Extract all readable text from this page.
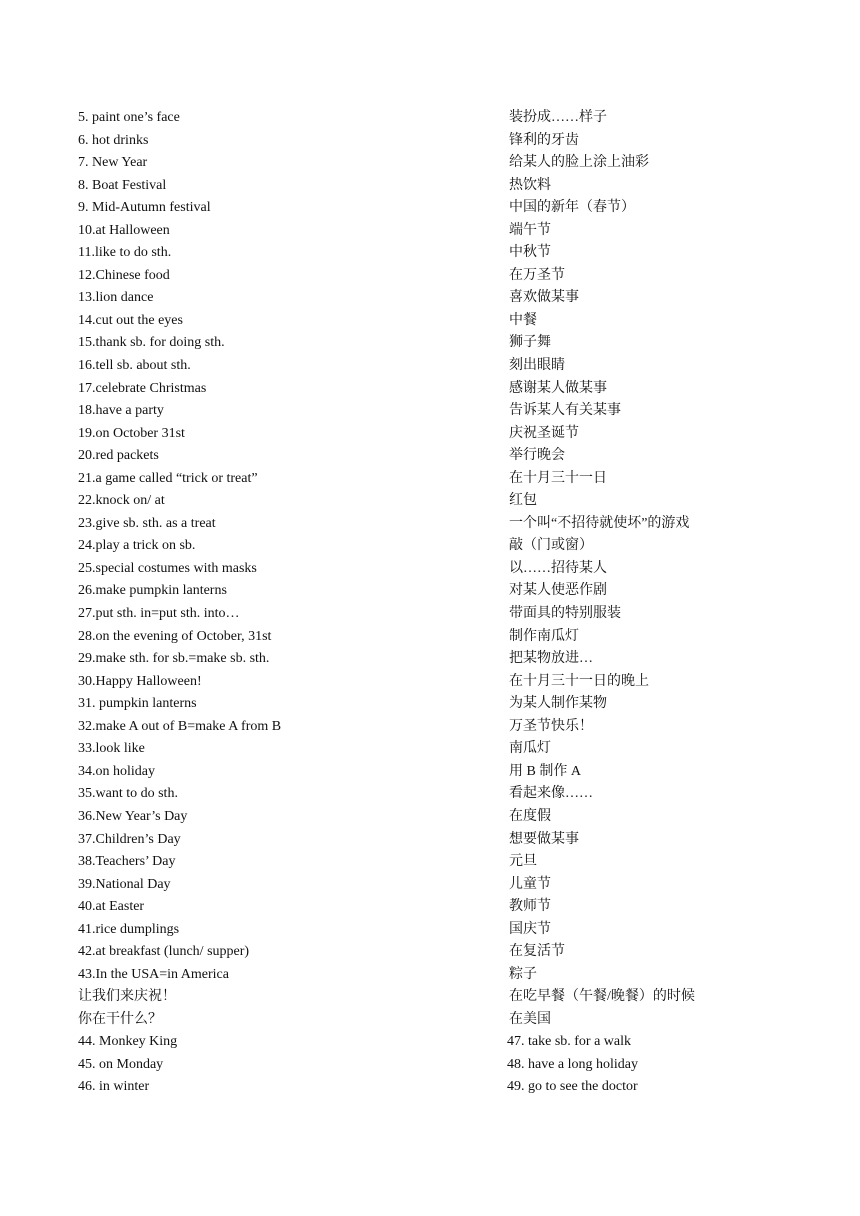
5. paint one’s face
6. hot drinks
7. New Year
8. Boat Festival
9. Mid-Autumn festival
10.at Halloween
11.like to do sth.
12.Chinese food
13.lion dance
14.cut out the eyes
15.thank sb. for doing sth.
16.tell sb. about sth.
17.celebrate Christmas
18.have a party
19.on October 31st
20.red packets
21.a game called “trick or treat”
22.knock on/ at
23.give sb. sth. as a treat
24.play a trick on sb.
25.special costumes with masks
26.make pumpkin lanterns
27.put sth. in=put sth. into…
28.on the evening of October, 31st
29.make sth. for sb.=make sb. sth.
30.Happy Halloween!
31. pumpkin lanterns
32.make A out of B=make A from B
33.look like
34.on holiday
35.want to do sth.
36.New Year’s Day
37.Children’s Day
38.Teachers’ Day
39.National Day
40.at Easter
41.rice dumplings
42.at breakfast (lunch/ supper)
43.In the USA=in America
让我们来庆祝！
你在干什么？
装扮成……样子
锋利的牙齿
给某人的脸上涂上油彩
热饮料
中国的新年（春节）
端午节
中秋节
在万圣节
喜欢做某事
中餐
狮子舞
刻出眼睛
感谢某人做某事
告诉某人有关某事
庆祝圣诞节
举行晚会
在十月三十一日
红包
一个叫“不招待就使坏”的游戏
敲（门或窗）
以……招待某人
对某人使恶作剧
带面具的特别服装
制作南瓜灯
把某物放进…
在十月三十一日的晚上
为某人制作某物
万圣节快乐！
南瓜灯
用 B 制作 A
看起来像……
在度假
想要做某事
元旦
儿童节
教师节
国庆节
在复活节
粽子
在吃早餐（午餐/晚餐）的时候
在美国
44. Monkey King
45. on Monday
46. in winter
47. take sb. for a walk
48. have a long holiday
49. go to see the doctor
